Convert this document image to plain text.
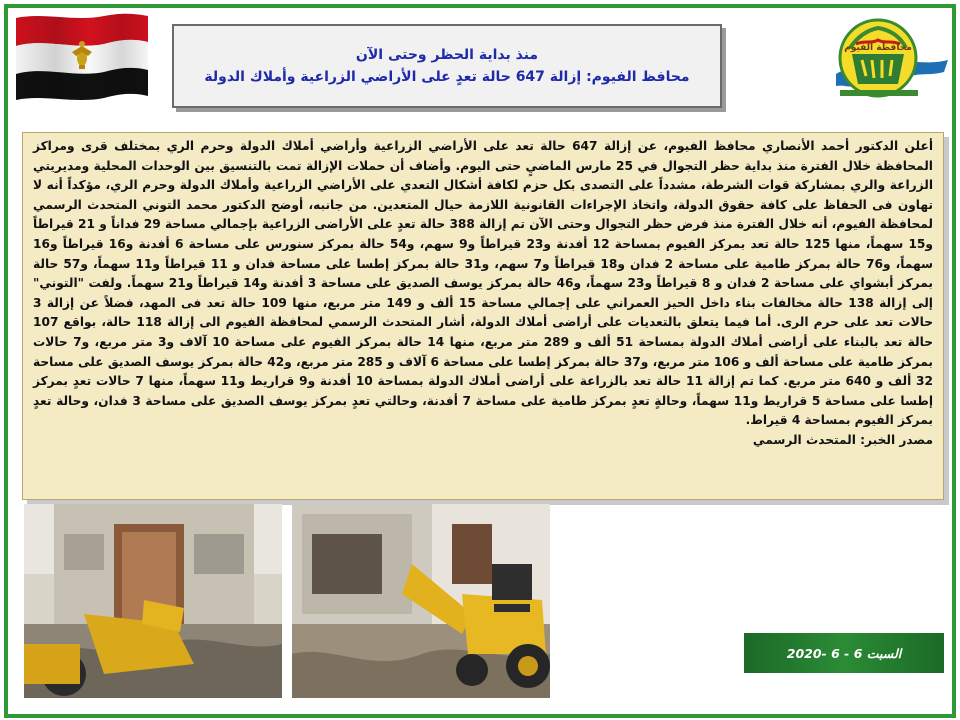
منذ بداية الحظر وحتى الآن
محافظ الفيوم: إزالة 647 حالة تعدٍ على الأراضي الزراعية وأملاك الدولة
محافظة الفيوم

أعلن الدكتور أحمد الأنصاري محافظ الفيوم، عن إزالة 647 حالة تعد على الأراضي الزراعية وأراضي أملاك الدولة وحرم الري بمختلف قرى ومراكز المحافظة خلال الفترة منذ بداية حظر التجوال في 25 مارس الماضيٍ حتى اليوم. وأضاف أن حملات الإزالة تمت بالتنسيق بين الوحدات المحلية ومديريتي الزراعة والري بمشاركة قوات الشرطة، مشدداً على التصدى بكل حزم لكافة أشكال التعدي على الأراضي الزراعية وأملاك الدولة وحرم الري، مؤكداً أنه لا تهاون فى الحفاظ على كافة حقوق الدولة، واتخاذ الإجراءات القانونية اللازمة حيال المتعدين. من جانبه، أوضح الدكتور محمد التوني المتحدث الرسمي لمحافظة الفيوم، أنه خلال الفترة منذ فرض حظر التجوال وحتى الآن تم إزالة 388 حالة تعدٍ على الأراضى الزراعية بإجمالي مساحة 29 فداناً و 21 قيراطاً و15 سهماً، منها 125 حالة تعد بمركز الفيوم بمساحة 12 أفدنة و23 قيراطاً و9 سهم، و54 حالة بمركز سنورس على مساحة 6 أفدنة و16 قيراطاً و16 سهماً، و76 حالة بمركز طامية على مساحة 2 فدان و18 قيراطاً و7 سهم، و31 حالة بمركز إطسا على مساحة فدان و 11 قيراطاً و11 سهماً، و57 حالة بمركز أبشواي على مساحة 2 فدان و 8 قيراطاً و23 سهماً، و46 حالة بمركز يوسف الصديق على مساحة 3 أفدنة و14 قيراطاً و21 سهماً. ولفت "التوني" إلى إزالة 138 حالة مخالفات بناء داخل الحيز العمراني على إجمالي مساحة 15 ألف و 149 متر مربع، منها 109 حالة تعد فى المهد، فضلاً عن إزالة 3 حالات تعد على حرم الرى. أما فيما يتعلق بالتعديات على أراضى أملاك الدولة، أشار المتحدث الرسمي لمحافظة الفيوم الى إزالة 118 حالة، بواقع 107 حالة تعد بالبناء على أراضى أملاك الدولة بمساحة 51 ألف و 289 متر مربع، منها 14 حالة بمركز الفيوم على مساحة 10 آلاف و3 متر مربع، و7 حالات بمركز طامية على مساحة ألف و 106 متر مربع، و37 حالة بمركز إطسا على مساحة 6 آلاف و 285 متر مربع، و42 حالة بمركز يوسف الصديق على مساحة 32 ألف و 640 متر مربع. كما تم إزالة 11 حالة تعد بالزراعة على أراضى أملاك الدولة بمساحة 10 أفدنة و9 قراريط و11 سهماً، منها 7 حالات تعدٍ بمركز إطسا على مساحة 5 قراريط و11 سهماً، وحالةٍ تعدٍ بمركز طامية على مساحة 7 أفدنة، وحالتي تعدٍ بمركز يوسف الصديق على مساحة 3 فدان، وحالة تعدٍ بمركز الفيوم بمساحة 4 قيراط.

مصدر الخبر: المتحدث الرسمي

السبت 6 - 6 -2020
